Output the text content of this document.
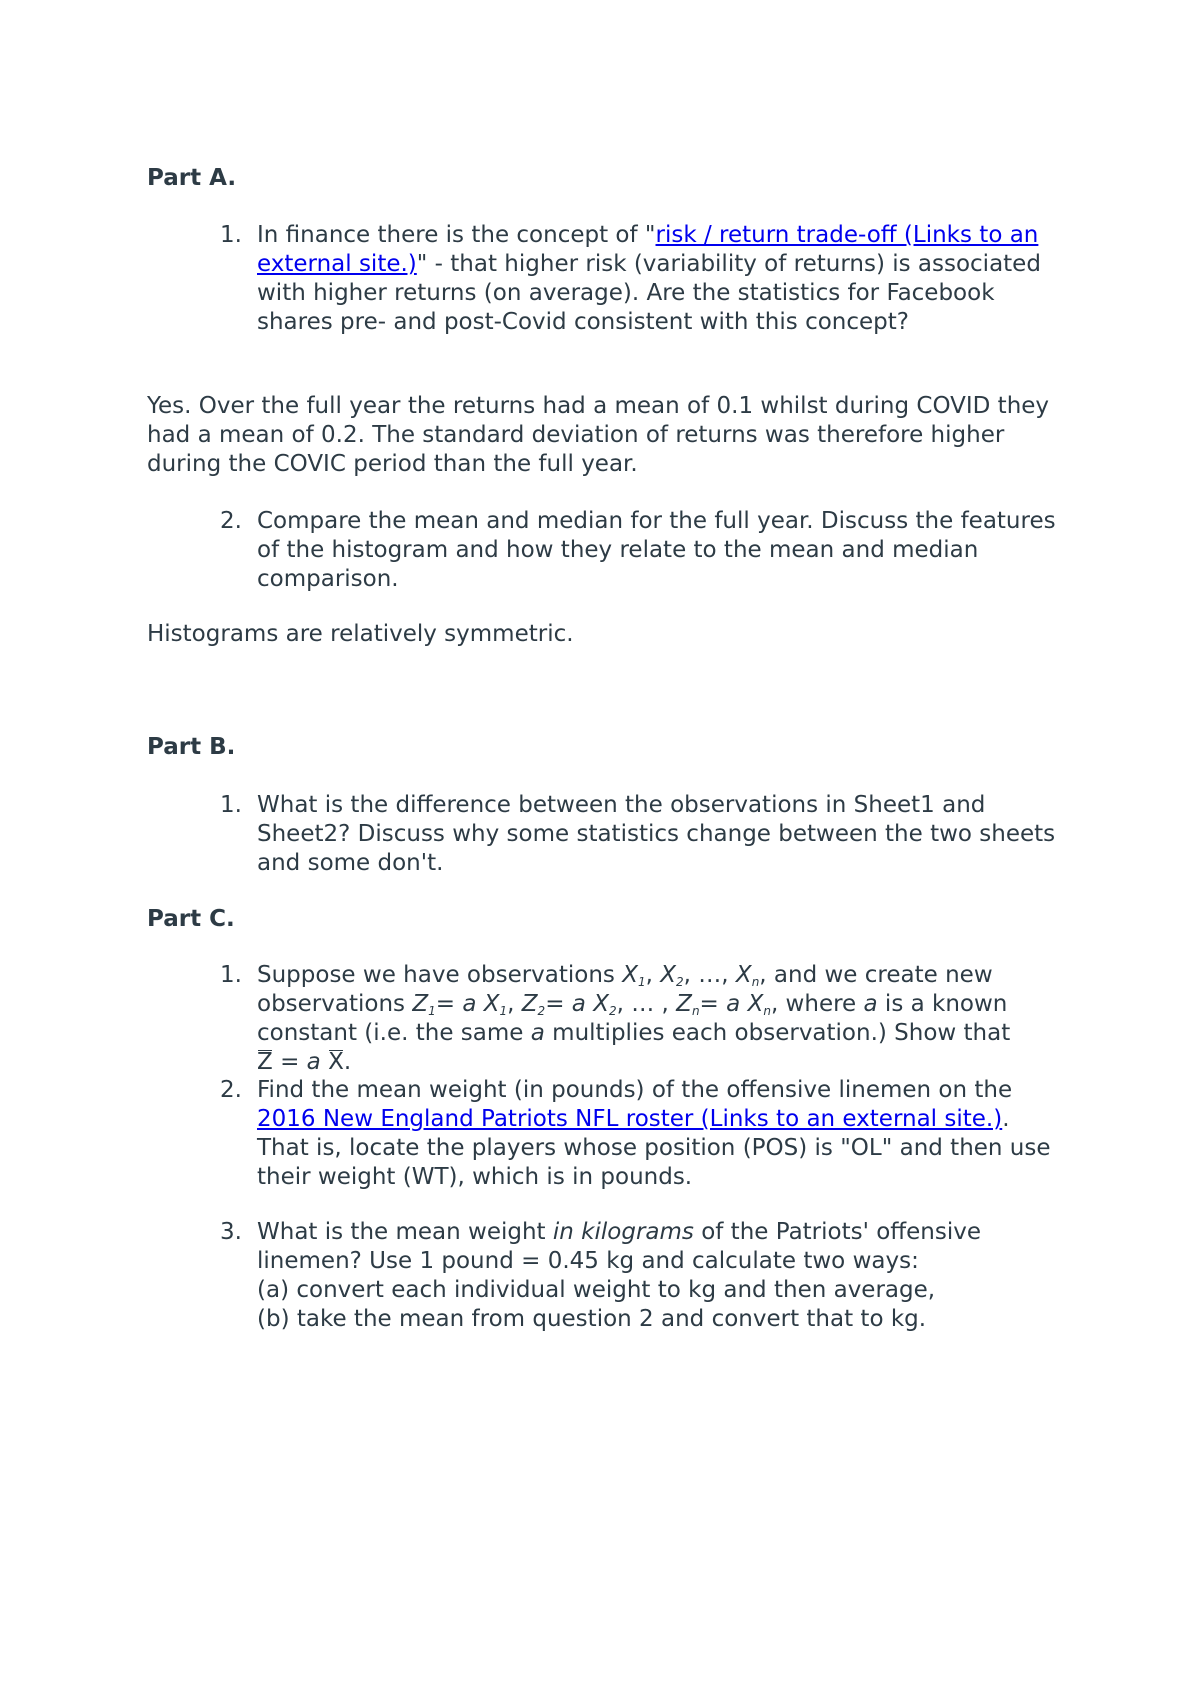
Part A.
1. In finance there is the concept of "risk / return trade-off (Links to an external site.)" - that higher risk (variability of returns) is associated with higher returns (on average). Are the statistics for Facebook shares pre- and post-Covid consistent with this concept?
Yes. Over the full year the returns had a mean of 0.1 whilst during COVID they had a mean of 0.2. The standard deviation of returns was therefore higher during the COVIC period than the full year.
2. Compare the mean and median for the full year. Discuss the features of the histogram and how they relate to the mean and median comparison.
Histograms are relatively symmetric.
Part B.
1. What is the difference between the observations in Sheet1 and Sheet2? Discuss why some statistics change between the two sheets and some don't.
Part C.
1. Suppose we have observations $X_1$, $X_2$, …, $X_n$, and we create new observations $Z_1= a$ $X_1$, $Z_2= a$ $X_2$, … , $Z_n= a$ $X_n$, where a is a known constant (i.e. the same a multiplies each observation.) Show that

Z = a X.
2. Find the mean weight (in pounds) of the offensive linemen on the 2016 New England Patriots NFL roster (Links to an external site.).
That is, locate the players whose position (POS) is "OL" and then use their weight (WT), which is in pounds.
3. What is the mean weight in kilograms of the Patriots' offensive linemen? Use 1 pound = 0.45 kg and calculate two ways:
(a) convert each individual weight to kg and then average,
(b) take the mean from question 2 and convert that to kg.
